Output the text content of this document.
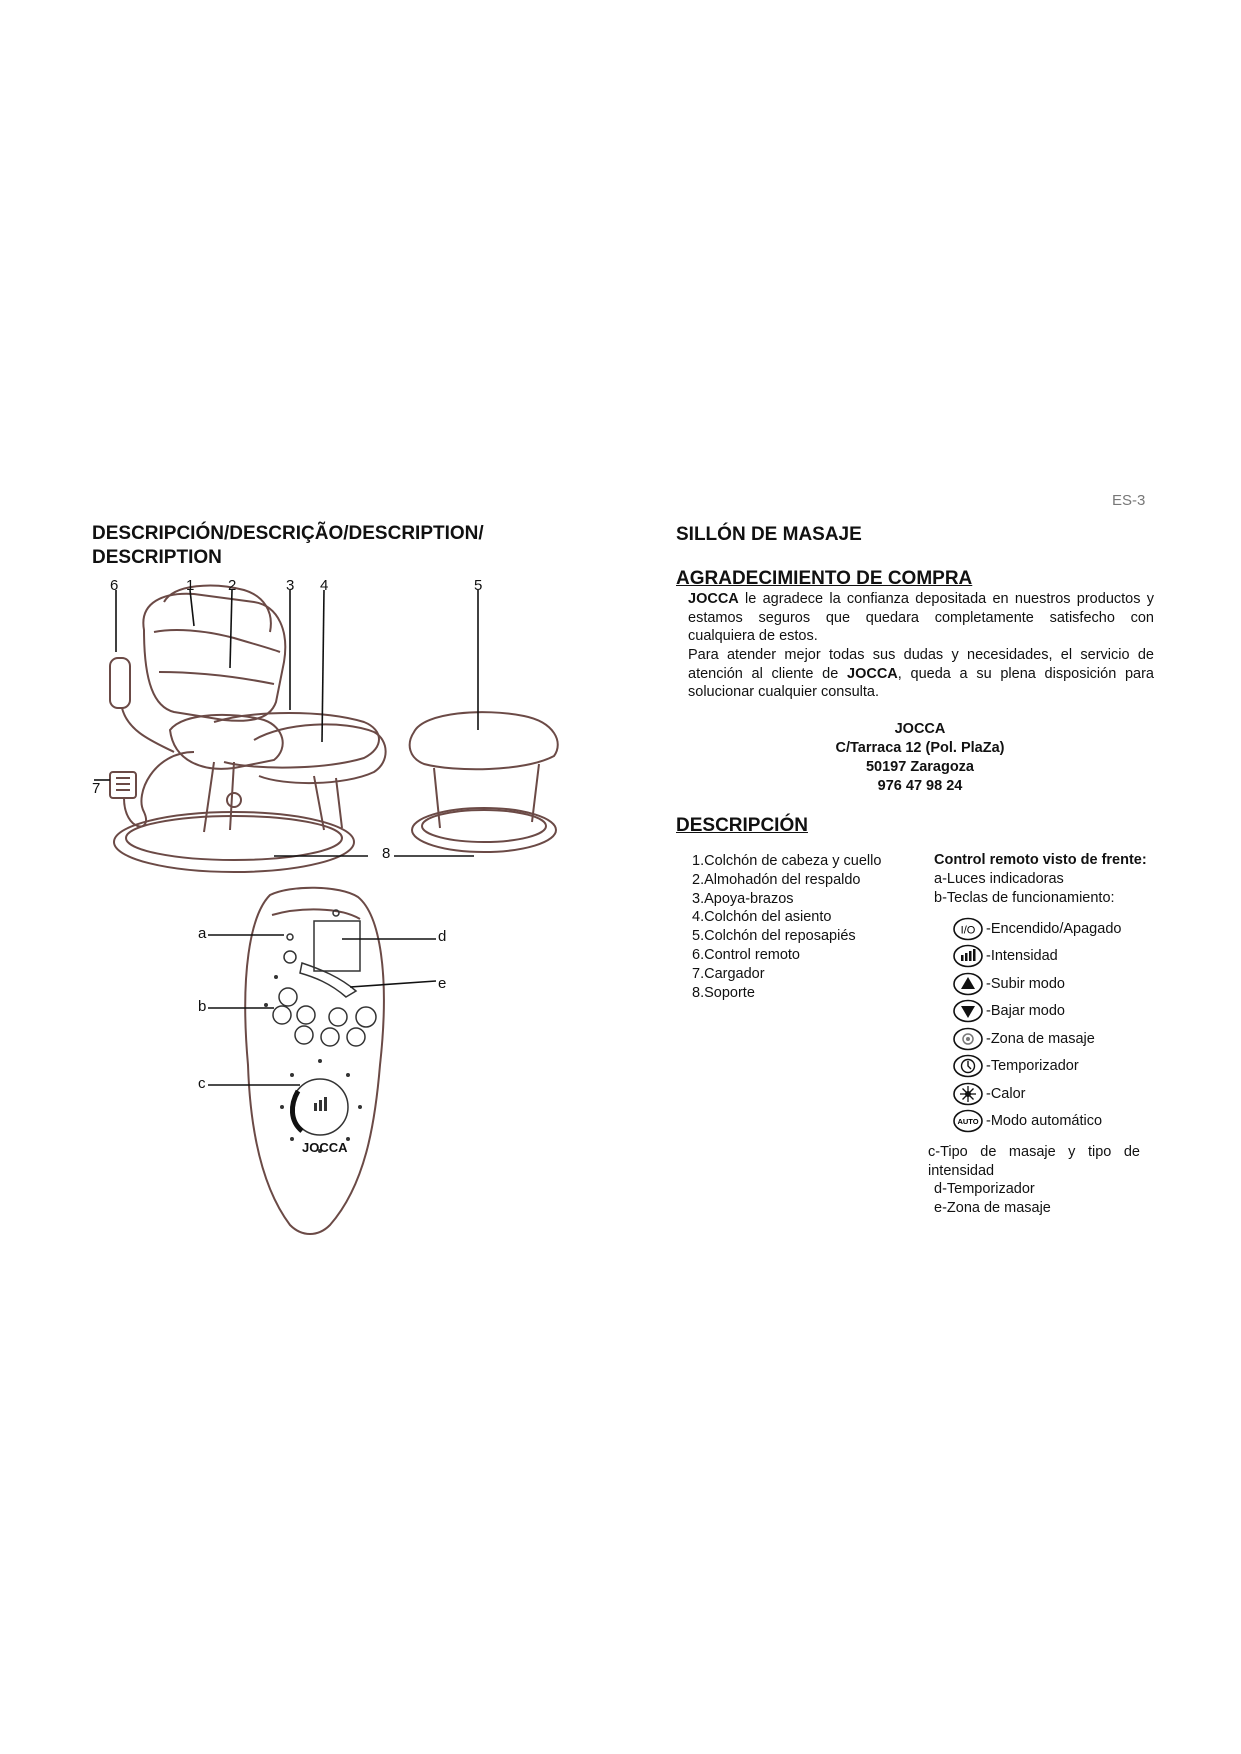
ES-3
DESCRIPCIÓN/DESCRIÇÃO/DESCRIPTION/
DESCRIPTION
6	1 2	3 4	5
7
8
a
b
c
d
e
JOCCA
SILLÓN DE MASAJE
AGRADECIMIENTO DE COMPRA
JOCCA le agradece la confianza depositada en nuestros productos y estamos seguros que quedara completamente satisfecho con cualquiera de estos.
Para atender mejor todas sus dudas y necesidades, el servicio de atención al cliente de JOCCA, queda a su plena disposición para solucionar cualquier consulta.
JOCCA
C/Tarraca 12 (Pol. PlaZa)
50197 Zaragoza
976 47 98 24
DESCRIPCIÓN
1.Colchón de cabeza y cuello
2.Almohadón del respaldo
3.Apoya-brazos
4.Colchón del asiento
5.Colchón del reposapiés
6.Control remoto
7.Cargador
8.Soporte
Control remoto visto de frente:
a-Luces indicadoras
b-Teclas de funcionamiento:
I/O -Encendido/Apagado
-Intensidad
-Subir modo
-Bajar modo
-Zona de masaje
-Temporizador
-Calor
AUTO -Modo automático
c-Tipo de masaje y tipo de intensidad
d-Temporizador
e-Zona de masaje
